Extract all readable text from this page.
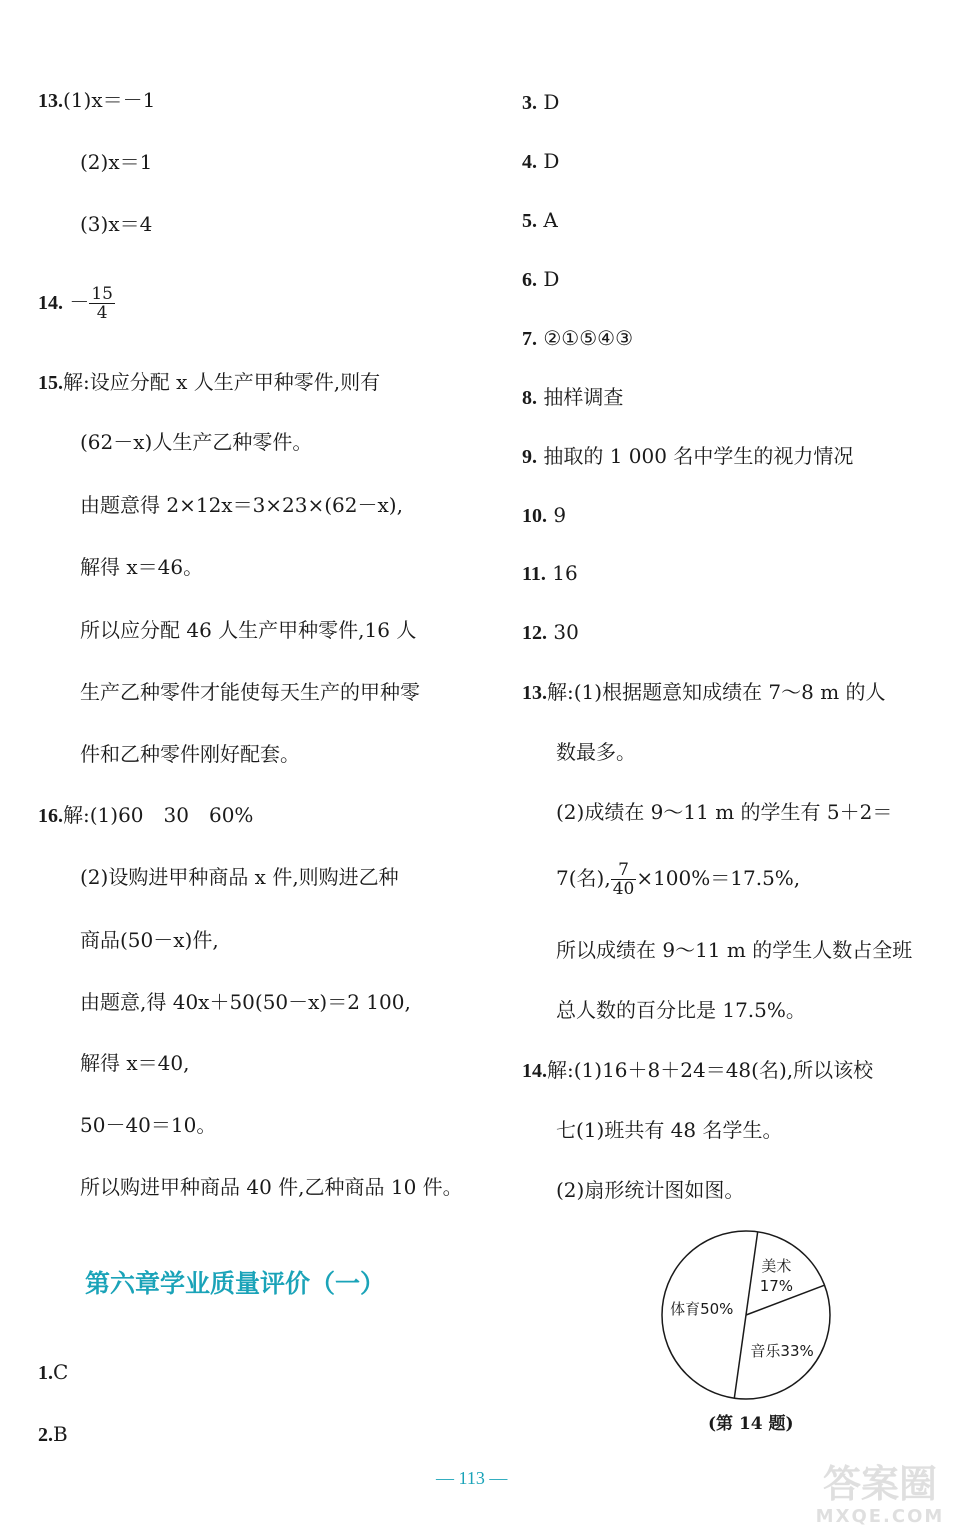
13.(1)x＝－1
(2)x＝1
(3)x＝4
14. － $\frac{15}{4}$
15.解:设应分配 x 人生产甲种零件,则有
(62－x)人生产乙种零件。
由题意得 2×12x＝3×23×(62－x),
解得 x＝46。
所以应分配 46 人生产甲种零件,16 人
生产乙种零件才能使每天生产的甲种零
件和乙种零件刚好配套。
16.解:(1)60　30　60%
(2)设购进甲种商品 x 件,则购进乙种
商品(50－x)件,
由题意,得 40x＋50(50－x)＝2 100,
解得 x＝40,
50－40＝10。
所以购进甲种商品 40 件,乙种商品 10 件。
第六章学业质量评价（一）
1.C
2.B
3. D
4. D
5. A
6. D
7. ②①⑤④③
8. 抽样调查
9. 抽取的 1 000 名中学生的视力情况
10. 9
11. 16
12. 30
13.解:(1)根据题意知成绩在 7～8 m 的人
数最多。
(2)成绩在 9～11 m 的学生有 5＋2＝
7(名), $\frac{7}{40} \times 100\%=17.5\%$,
所以成绩在 9～11 m 的学生人数占全班
总人数的百分比是 17.5%。
14.解:(1)16＋8＋24＝48(名),所以该校
七(1)班共有 48 名学生。
(2)扇形统计图如图。
美术
17%
音乐33%
体育50%
(第 14 题)
— 113 —	答案圈
MXQE.COM
